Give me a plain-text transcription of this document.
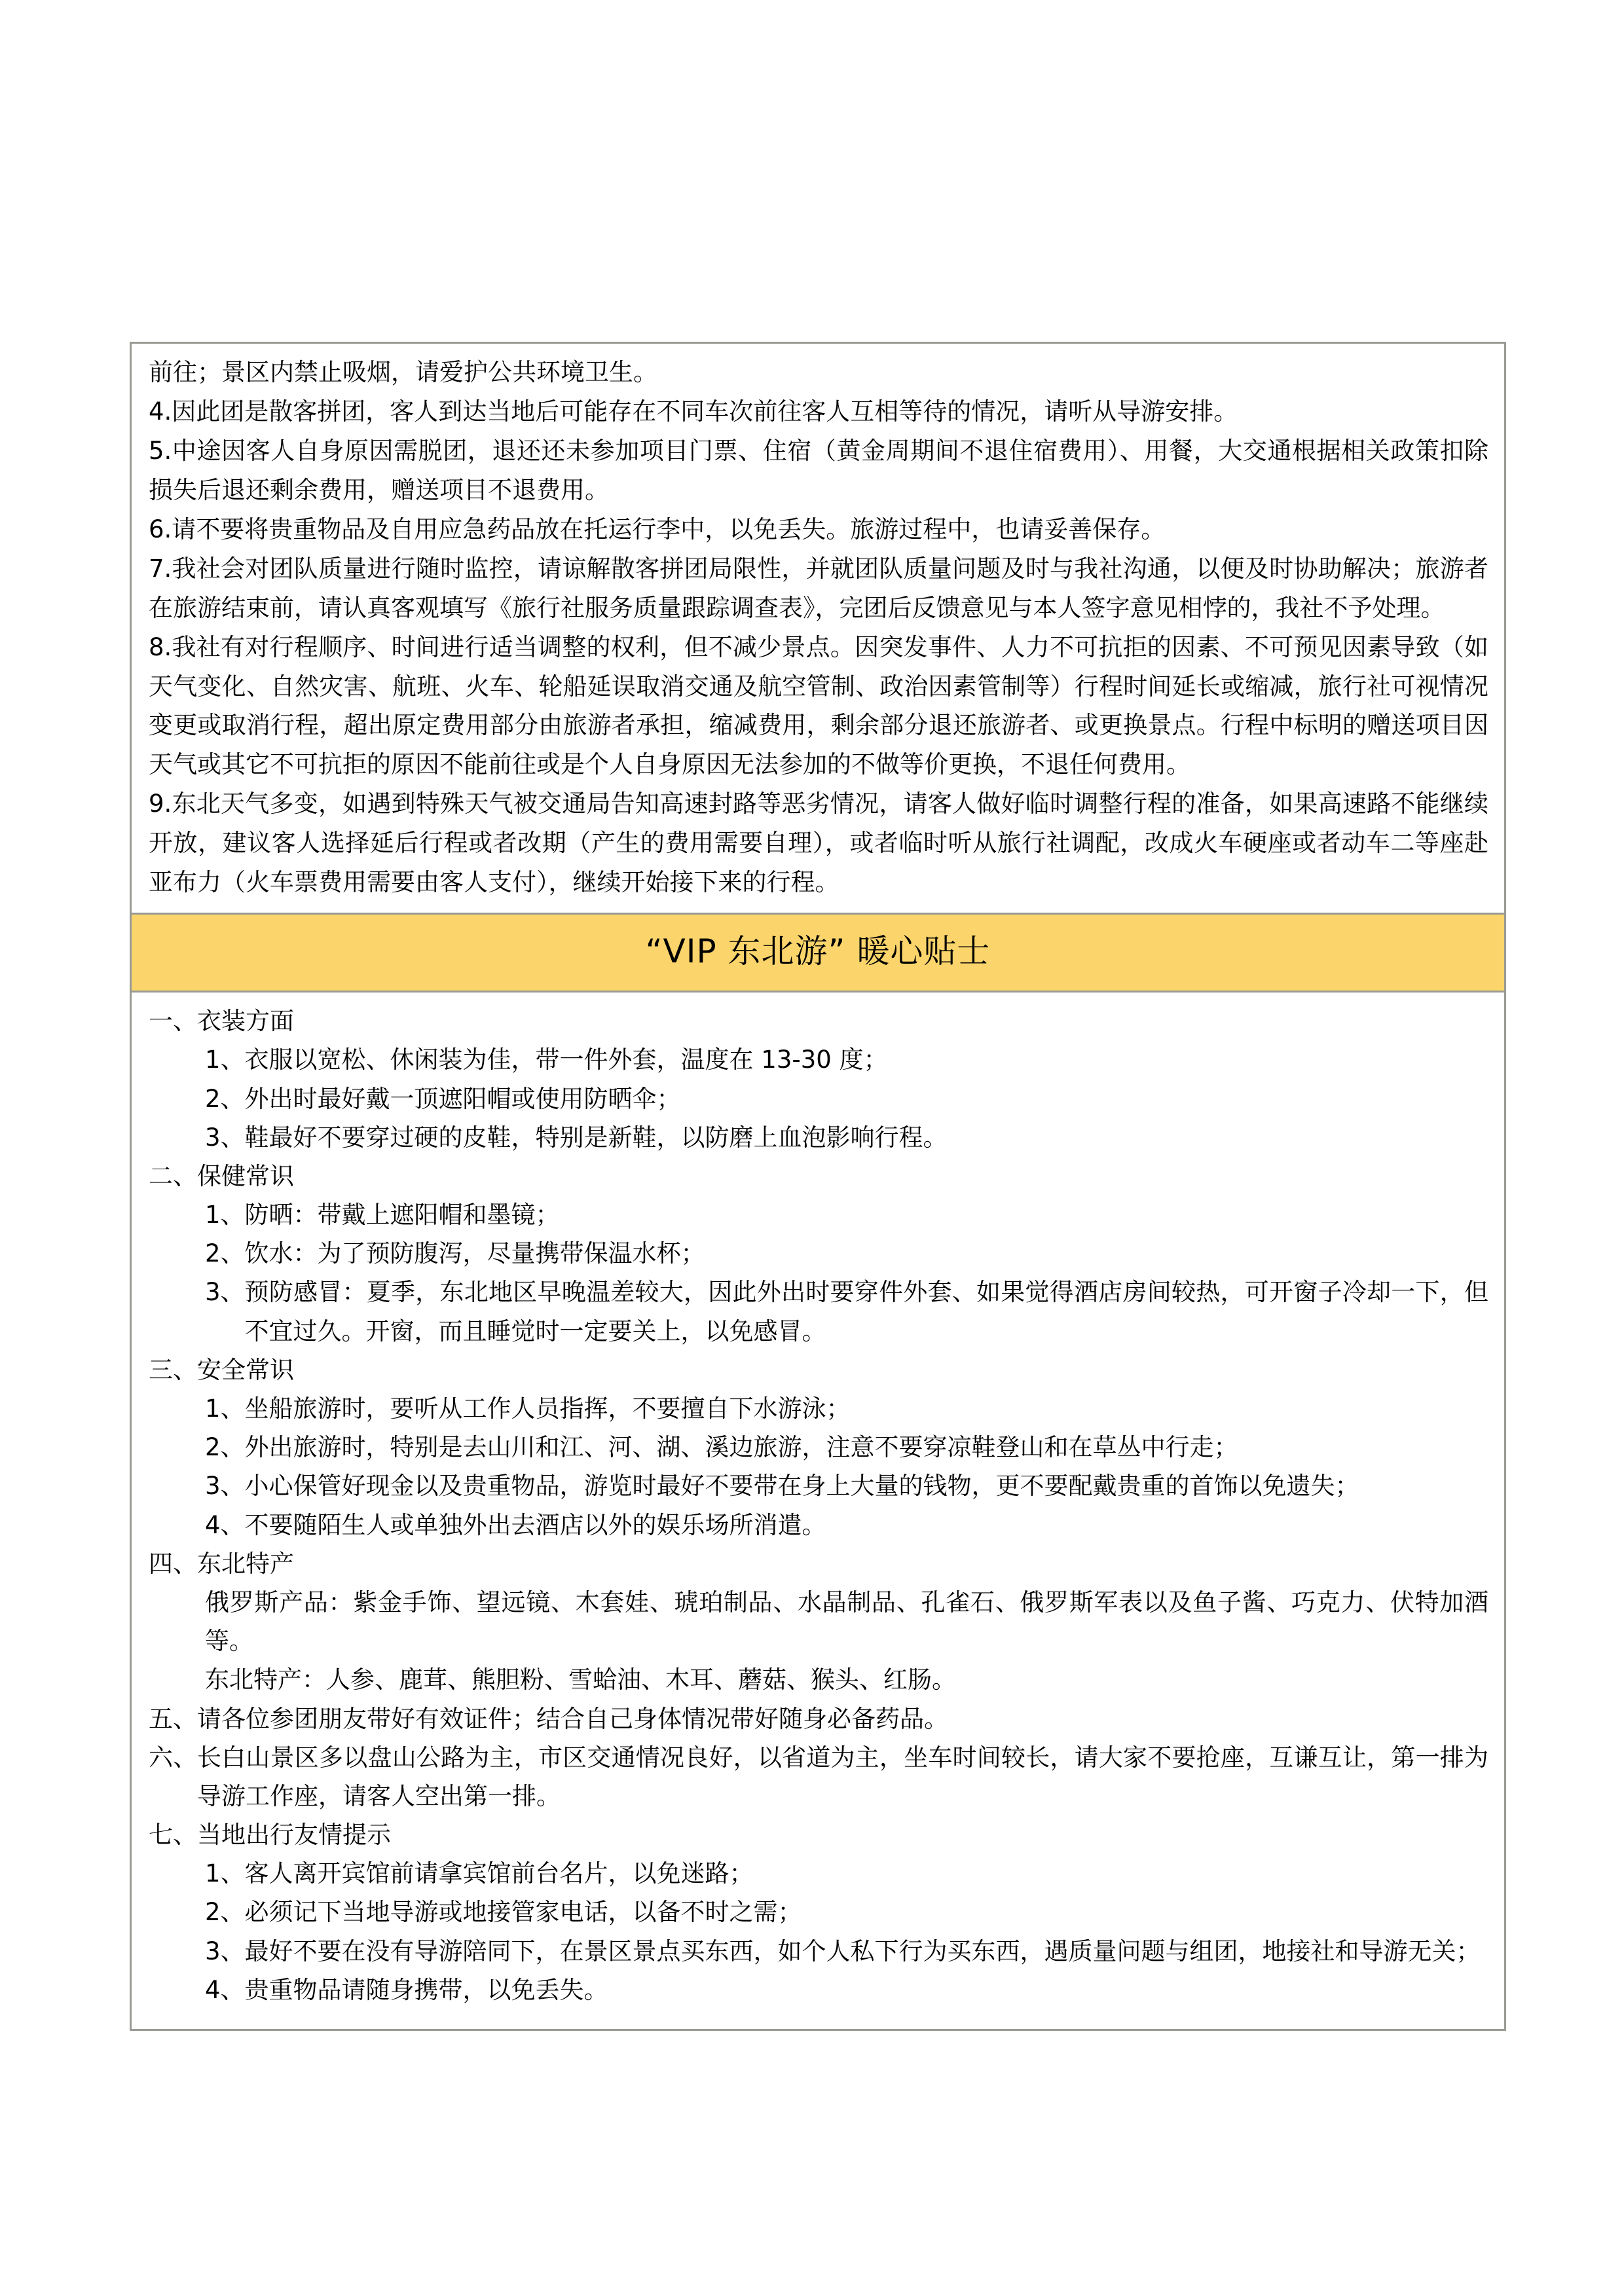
前往；景区内禁止吸烟，请爱护公共环境卫生。

4.因此团是散客拼团，客人到达当地后可能存在不同车次前往客人互相等待的情况，请听从导游安排。

5.中途因客人自身原因需脱团，退还还未参加项目门票、住宿（黄金周期间不退住宿费用）、用餐，大交通根据相关政策扣除损失后退还剩余费用，赠送项目不退费用。

6.请不要将贵重物品及自用应急药品放在托运行李中，以免丢失。旅游过程中，也请妥善保存。

7.我社会对团队质量进行随时监控，请谅解散客拼团局限性，并就团队质量问题及时与我社沟通，以便及时协助解决；旅游者在旅游结束前，请认真客观填写《旅行社服务质量跟踪调查表》，完团后反馈意见与本人签字意见相悖的，我社不予处理。

8.我社有对行程顺序、时间进行适当调整的权利，但不减少景点。因突发事件、人力不可抗拒的因素、不可预见因素导致（如天气变化、自然灾害、航班、火车、轮船延误取消交通及航空管制、政治因素管制等）行程时间延长或缩减，旅行社可视情况变更或取消行程，超出原定费用部分由旅游者承担，缩减费用，剩余部分退还旅游者、或更换景点。行程中标明的赠送项目因天气或其它不可抗拒的原因不能前往或是个人自身原因无法参加的不做等价更换，不退任何费用。

9.东北天气多变，如遇到特殊天气被交通局告知高速封路等恶劣情况，请客人做好临时调整行程的准备，如果高速路不能继续开放，建议客人选择延后行程或者改期（产生的费用需要自理），或者临时听从旅行社调配，改成火车硬座或者动车二等座赴亚布力（火车票费用需要由客人支付），继续开始接下来的行程。

“VIP 东北游” 暖心贴士

一、衣装方面
1、 衣服以宽松、休闲装为佳，带一件外套，温度在 13-30 度；
2、 外出时最好戴一顶遮阳帽或使用防晒伞；
3、 鞋最好不要穿过硬的皮鞋，特别是新鞋，以防磨上血泡影响行程。
二、保健常识
1、 防晒：带戴上遮阳帽和墨镜；
2、 饮水：为了预防腹泻，尽量携带保温水杯；
3、 预防感冒：夏季，东北地区早晚温差较大，因此外出时要穿件外套、如果觉得酒店房间较热，可开窗子冷却一下，但不宜过久。开窗，而且睡觉时一定要关上，以免感冒。
三、安全常识
1、 坐船旅游时，要听从工作人员指挥，不要擅自下水游泳；
2、 外出旅游时，特别是去山川和江、河、湖、溪边旅游，注意不要穿凉鞋登山和在草丛中行走；
3、 小心保管好现金以及贵重物品，游览时最好不要带在身上大量的钱物，更不要配戴贵重的首饰以免遗失；
4、 不要随陌生人或单独外出去酒店以外的娱乐场所消遣。
四、东北特产
俄罗斯产品：紫金手饰、望远镜、木套娃、琥珀制品、水晶制品、孔雀石、俄罗斯军表以及鱼子酱、巧克力、伏特加酒等。
东北特产：人参、鹿茸、熊胆粉、雪蛤油、木耳、蘑菇、猴头、红肠。
五、 请各位参团朋友带好有效证件；结合自己身体情况带好随身必备药品。
六、 长白山景区多以盘山公路为主，市区交通情况良好，以省道为主，坐车时间较长，请大家不要抢座，互谦互让，第一排为导游工作座，请客人空出第一排。
七、当地出行友情提示
1、 客人离开宾馆前请拿宾馆前台名片，以免迷路；
2、 必须记下当地导游或地接管家电话，以备不时之需；
3、 最好不要在没有导游陪同下，在景区景点买东西，如个人私下行为买东西，遇质量问题与组团，地接社和导游无关；
4、 贵重物品请随身携带，以免丢失。
